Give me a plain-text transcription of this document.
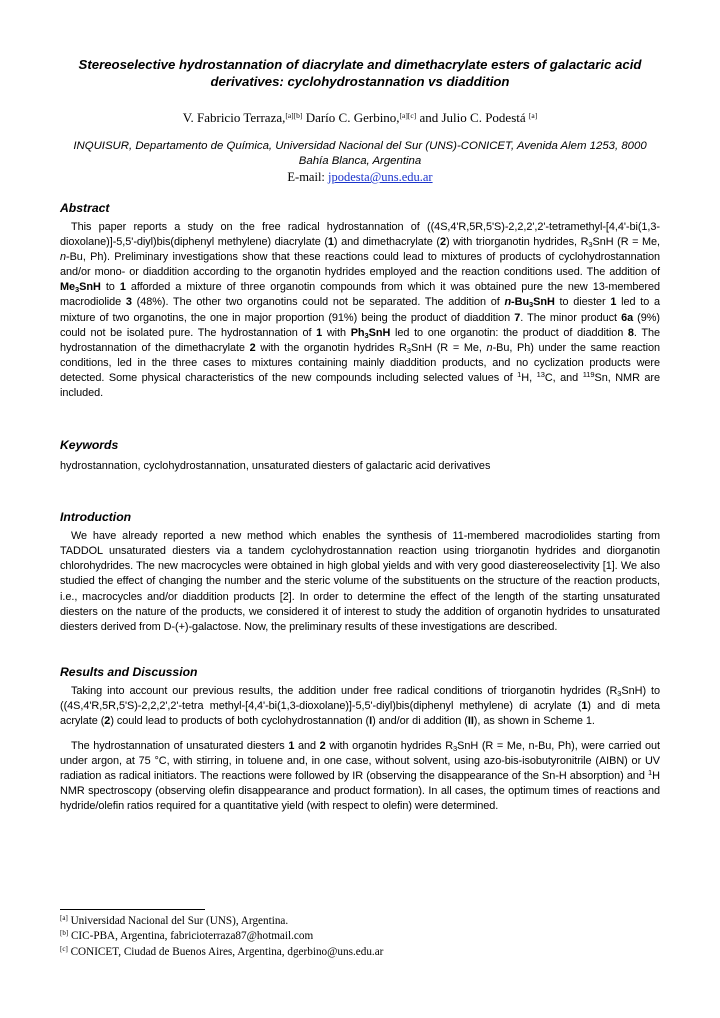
Stereoselective hydrostannation of diacrylate and dimethacrylate esters of galactaric acid derivatives: cyclohydrostannation vs diaddition
V. Fabricio Terraza,[a][b] Darío C. Gerbino,[a][c] and Julio C. Podestá [a]
INQUISUR, Departamento de Química, Universidad Nacional del Sur (UNS)-CONICET, Avenida Alem 1253, 8000 Bahía Blanca, Argentina
E-mail: jpodesta@uns.edu.ar
Abstract

This paper reports a study on the free radical hydrostannation of ((4S,4'R,5R,5'S)-2,2,2',2'-tetramethyl-[4,4'-bi(1,3-dioxolane)]-5,5'-diyl)bis(diphenyl methylene) diacrylate (1) and dimethacrylate (2) with triorganotin hydrides, $R_3SnH$ (R = Me, n-Bu, Ph). Preliminary investigations show that these reactions could lead to mixtures of products of cyclohydrostannation and/or mono- or diaddition according to the organotin hydrides employed and the reaction conditions used. The addition of $Me_3SnH$ to 1 afforded a mixture of three organotin compounds from which it was obtained pure the new 13-membered macrodiolide 3 (48%). The other two organotins could not be separated. The addition of $n-Bu_3SnH$ to diester 1 led to a mixture of two organotins, the one in major proportion (91%) being the product of diaddition 7. The minor product 6a (9%) could not be isolated pure. The hydrostannation of 1 with $Ph_3SnH$ led to one organotin: the product of diaddition 8. The hydrostannation of the dimethacrylate 2 with the organotin hydrides $R_3SnH$ (R = Me, n-Bu, Ph) under the same reaction conditions, led in the three cases to mixtures containing mainly diaddition products, and no cyclization products were detected. Some physical characteristics of the new compounds including selected values of $^1$H, $^{13}$C, and $^{119}$Sn, NMR are included.

Keywords

hydrostannation, cyclohydrostannation, unsaturated diesters of galactaric acid derivatives

Introduction

We have already reported a new method which enables the synthesis of 11-membered macrodiolides starting from TADDOL unsaturated diesters via a tandem cyclohydrostannation reaction using triorganotin hydrides and diorganotin chlorohydrides. The new macrocycles were obtained in high global yields and with very good diastereoselectivity [1]. We also studied the effect of changing the number and the steric volume of the substituents on the structure of the reaction products, i.e., macrocycles and/or diaddition products [2]. In order to determine the effect of the length of the starting unsaturated diesters on the nature of the products, we considered it of interest to study the addition of organotin hydrides to unsaturated diesters derived from D-(+)-galactose. Now, the preliminary results of these investigations are described.

Results and Discussion

Taking into account our previous results, the addition under free radical conditions of triorganotin hydrides $(R_3SnH)$ to ((4S,4'R,5R,5'S)-2,2,2',2'-tetra methyl-[4,4'-bi(1,3-dioxolane)]-5,5'-diyl)bis(diphenyl methylene) di acrylate (1) and di meta acrylate (2) could lead to products of both cyclohydrostannation (I) and/or di addition (II), as shown in Scheme 1.

The hydrostannation of unsaturated diesters 1 and 2 with organotin hydrides $R_3SnH$ (R = Me, n-Bu, Ph), were carried out under argon, at 75 °C, with stirring, in toluene and, in one case, without solvent, using azo-bis-isobutyronitrile (AIBN) or UV radiation as radical initiators. The reactions were followed by IR (observing the disappearance of the Sn-H absorption) and $^1$H NMR spectroscopy (observing olefin disappearance and product formation). In all cases, the optimum times of reactions and hydride/olefin ratios required for a quantitative yield (with respect to olefin) were determined.

[a] Universidad Nacional del Sur (UNS), Argentina.
[b] CIC-PBA, Argentina, fabricioterraza87@hotmail.com
[c] CONICET, Ciudad de Buenos Aires, Argentina, dgerbino@uns.edu.ar
